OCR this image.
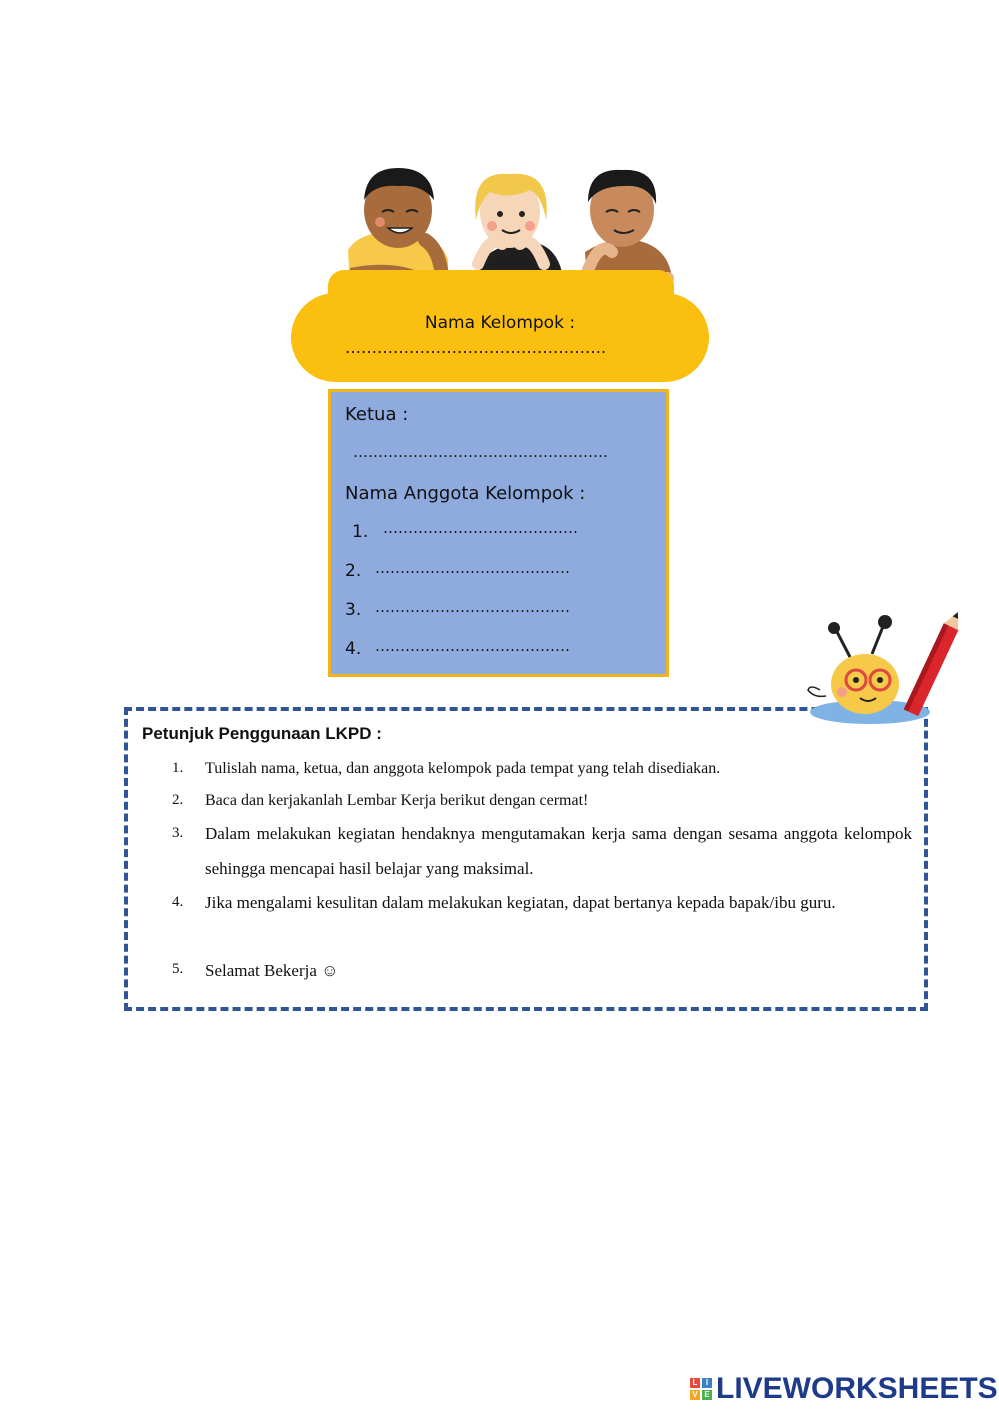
Nama Kelompok :
………………………………………….
Ketua :
……………………………………………
Nama Anggota Kelompok :
1. …………………………………
2. …………………………………
3. …………………………………
4. …………………………………
Petunjuk Penggunaan LKPD :
1.	Tulislah nama, ketua, dan anggota kelompok pada tempat yang telah disediakan.
2.	Baca dan kerjakanlah Lembar Kerja berikut dengan cermat!
3.	Dalam melakukan kegiatan hendaknya mengutamakan kerja sama dengan sesama anggota kelompok sehingga mencapai hasil belajar yang maksimal.
4.	Jika mengalami kesulitan dalam melakukan kegiatan, dapat bertanya kepada bapak/ibu guru.
5.	Selamat Bekerja ☺
L	I
V E LIVEWORKSHEETS
